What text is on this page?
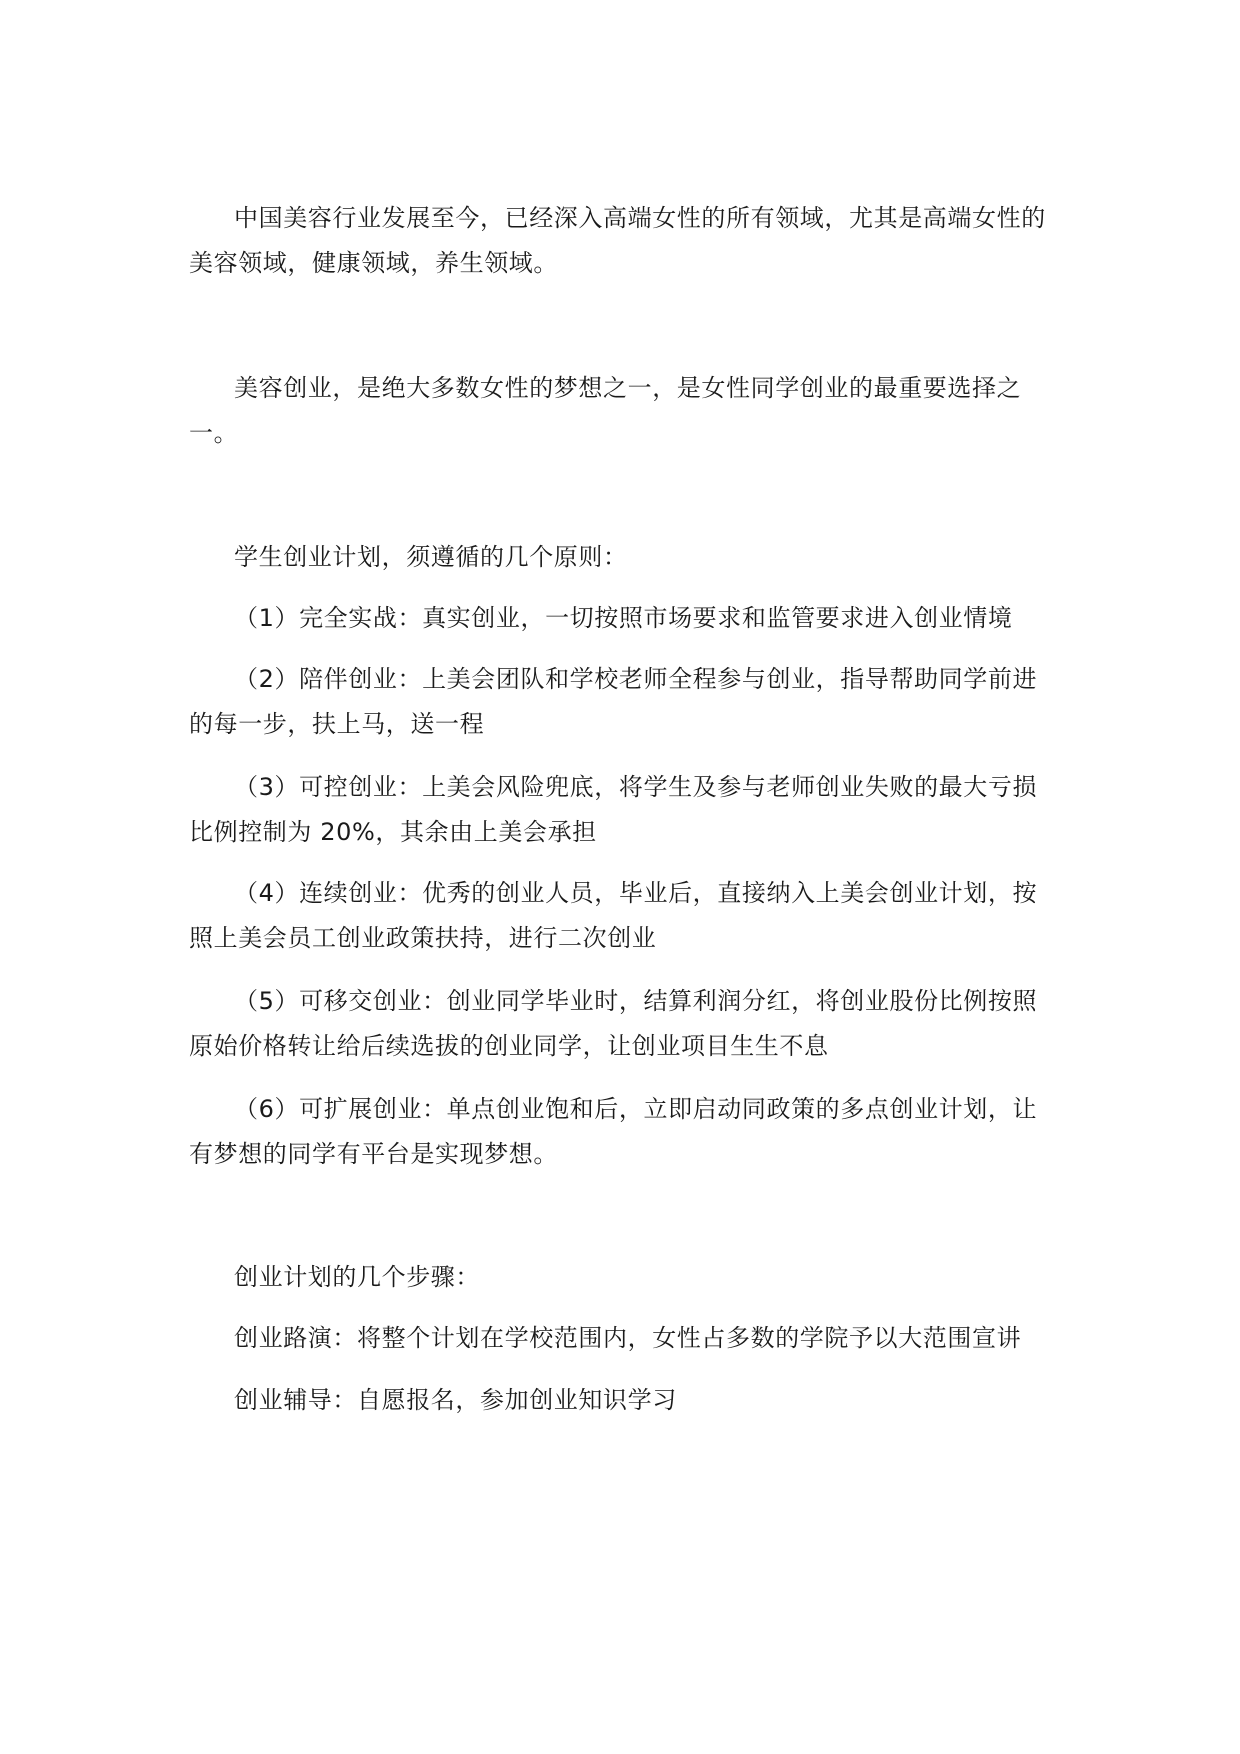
中国美容行业发展至今，已经深入高端女性的所有领域，尤其是高端女性的美容领域，健康领域，养生领域。

美容创业，是绝大多数女性的梦想之一，是女性同学创业的最重要选择之一。

学生创业计划，须遵循的几个原则：

（1）完全实战：真实创业，一切按照市场要求和监管要求进入创业情境

（2）陪伴创业：上美会团队和学校老师全程参与创业，指导帮助同学前进的每一步，扶上马，送一程

（3）可控创业：上美会风险兜底，将学生及参与老师创业失败的最大亏损比例控制为 20%，其余由上美会承担

（4）连续创业：优秀的创业人员，毕业后，直接纳入上美会创业计划，按照上美会员工创业政策扶持，进行二次创业

（5）可移交创业：创业同学毕业时，结算利润分红，将创业股份比例按照原始价格转让给后续选拔的创业同学，让创业项目生生不息

（6）可扩展创业：单点创业饱和后，立即启动同政策的多点创业计划，让有梦想的同学有平台是实现梦想。

创业计划的几个步骤：

创业路演：将整个计划在学校范围内，女性占多数的学院予以大范围宣讲

创业辅导：自愿报名，参加创业知识学习
